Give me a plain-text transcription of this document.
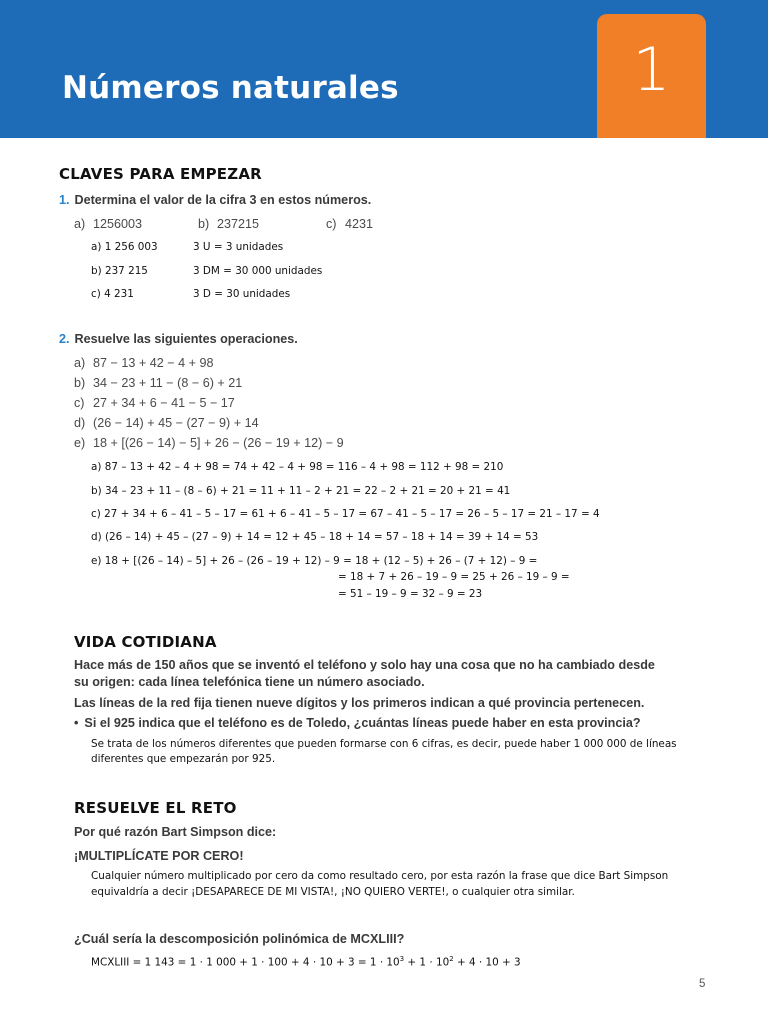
Números naturales	1
CLAVES PARA EMPEZAR
1. Determina el valor de la cifra 3 en estos números.
a) 1256003	b) 237215	c) 4231
a) 1 256 003	3 U = 3 unidades
b) 237 215	3 DM = 30 000 unidades
c) 4 231	3 D = 30 unidades
2. Resuelve las siguientes operaciones.
a) 87 − 13 + 42 − 4 + 98
b) 34 − 23 + 11 − (8 − 6) + 21
c) 27 + 34 + 6 − 41 − 5 − 17
d) (26 − 14) + 45 − (27 − 9) + 14
e) 18 + [(26 − 14) − 5] + 26 − (26 − 19 + 12) − 9
a) 87 – 13 + 42 – 4 + 98 = 74 + 42 – 4 + 98 = 116 – 4 + 98 = 112 + 98 = 210
b) 34 – 23 + 11 – (8 – 6) + 21 = 11 + 11 – 2 + 21 = 22 – 2 + 21 = 20 + 21 = 41
c) 27 + 34 + 6 – 41 – 5 – 17 = 61 + 6 – 41 – 5 – 17 = 67 – 41 – 5 – 17 = 26 – 5 – 17 = 21 – 17 = 4
d) (26 – 14) + 45 – (27 – 9) + 14 = 12 + 45 – 18 + 14 = 57 – 18 + 14 = 39 + 14 = 53
e) 18 + [(26 – 14) – 5] + 26 – (26 – 19 + 12) – 9 = 18 + (12 – 5) + 26 – (7 + 12) – 9 =
= 18 + 7 + 26 – 19 – 9 = 25 + 26 – 19 – 9 =
= 51 – 19 – 9 = 32 – 9 = 23
VIDA COTIDIANA
Hace más de 150 años que se inventó el teléfono y solo hay una cosa que no ha cambiado desde
su origen: cada línea telefónica tiene un número asociado.
Las líneas de la red fija tienen nueve dígitos y los primeros indican a qué provincia pertenecen.
• Si el 925 indica que el teléfono es de Toledo, ¿cuántas líneas puede haber en esta provincia?
Se trata de los números diferentes que pueden formarse con 6 cifras, es decir, puede haber 1 000 000 de líneas
diferentes que empezarán por 925.
RESUELVE EL RETO
Por qué razón Bart Simpson dice:
¡MULTIPLÍCATE POR CERO!
Cualquier número multiplicado por cero da como resultado cero, por esta razón la frase que dice Bart Simpson
equivaldría a decir ¡DESAPARECE DE MI VISTA!, ¡NO QUIERO VERTE!, o cualquier otra similar.
¿Cuál sería la descomposición polinómica de MCXLIII?
MCXLIII = 1 143 = 1 · 1 $000 + 1 \cdot 100 + 4 \cdot 10 + 3 = 1 \cdot 10^3 + 1 \cdot 10^2 + 4 \cdot 10 + 3$
5
